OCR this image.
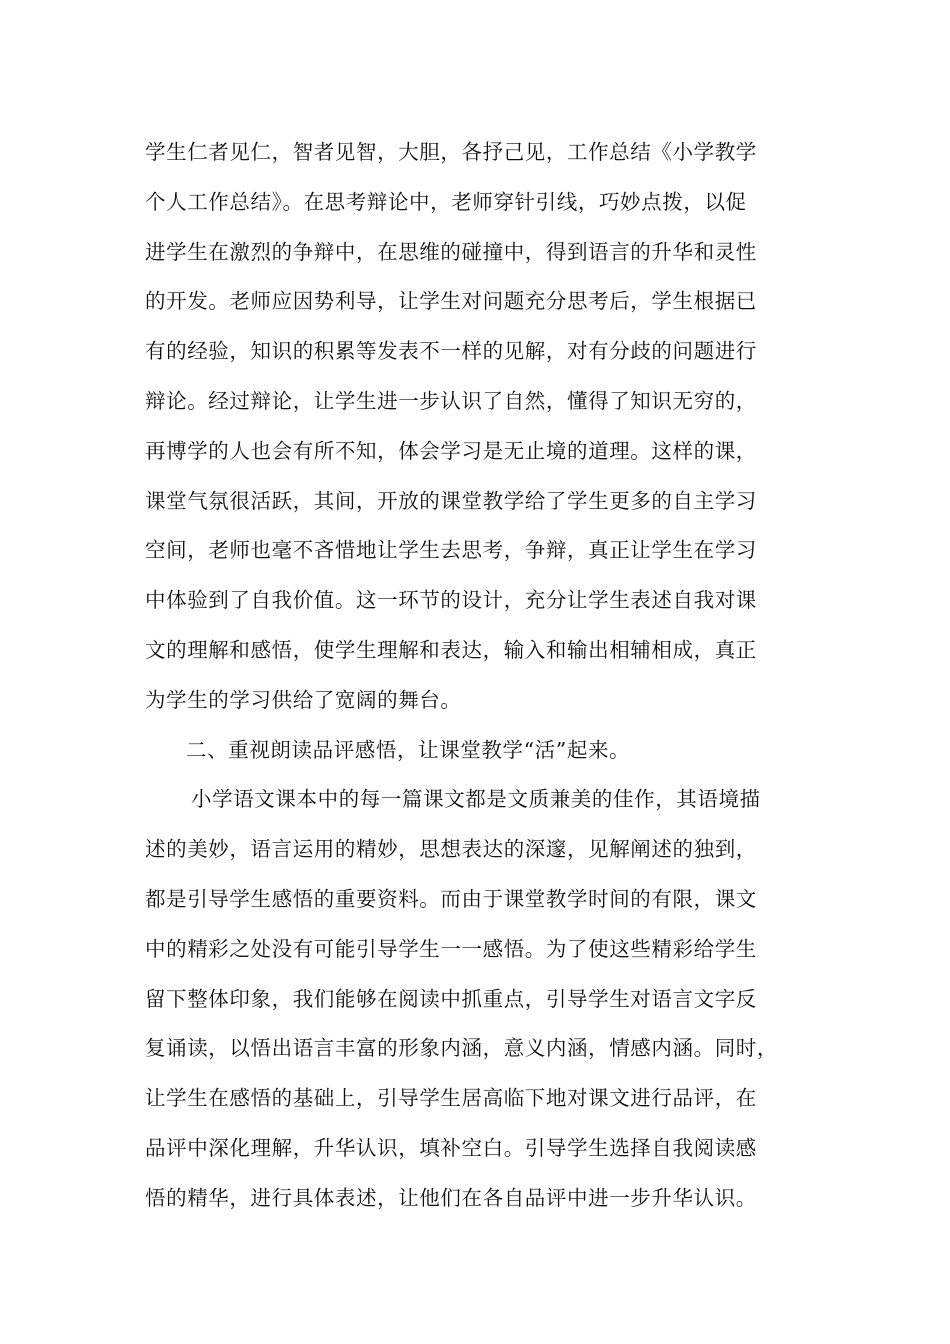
学生仁者见仁，智者见智，大胆，各抒己见，工作总结《小学教学
个人工作总结》。在思考辩论中，老师穿针引线，巧妙点拨，以促
进学生在激烈的争辩中，在思维的碰撞中，得到语言的升华和灵性
的开发。老师应因势利导，让学生对问题充分思考后，学生根据已
有的经验，知识的积累等发表不一样的见解，对有分歧的问题进行
辩论。经过辩论，让学生进一步认识了自然，懂得了知识无穷的，
再博学的人也会有所不知，体会学习是无止境的道理。这样的课，
课堂气氛很活跃，其间，开放的课堂教学给了学生更多的自主学习
空间，老师也毫不吝惜地让学生去思考，争辩，真正让学生在学习
中体验到了自我价值。这一环节的设计，充分让学生表述自我对课
文的理解和感悟，使学生理解和表达，输入和输出相辅相成，真正
为学生的学习供给了宽阔的舞台。
二、重视朗读品评感悟，让课堂教学“活”起来。
小学语文课本中的每一篇课文都是文质兼美的佳作，其语境描
述的美妙，语言运用的精妙，思想表达的深邃，见解阐述的独到，
都是引导学生感悟的重要资料。而由于课堂教学时间的有限，课文
中的精彩之处没有可能引导学生一一感悟。为了使这些精彩给学生
留下整体印象，我们能够在阅读中抓重点，引导学生对语言文字反
复诵读，以悟出语言丰富的形象内涵，意义内涵，情感内涵。同时，
让学生在感悟的基础上，引导学生居高临下地对课文进行品评，在
品评中深化理解，升华认识，填补空白。引导学生选择自我阅读感
悟的精华，进行具体表述，让他们在各自品评中进一步升华认识。
